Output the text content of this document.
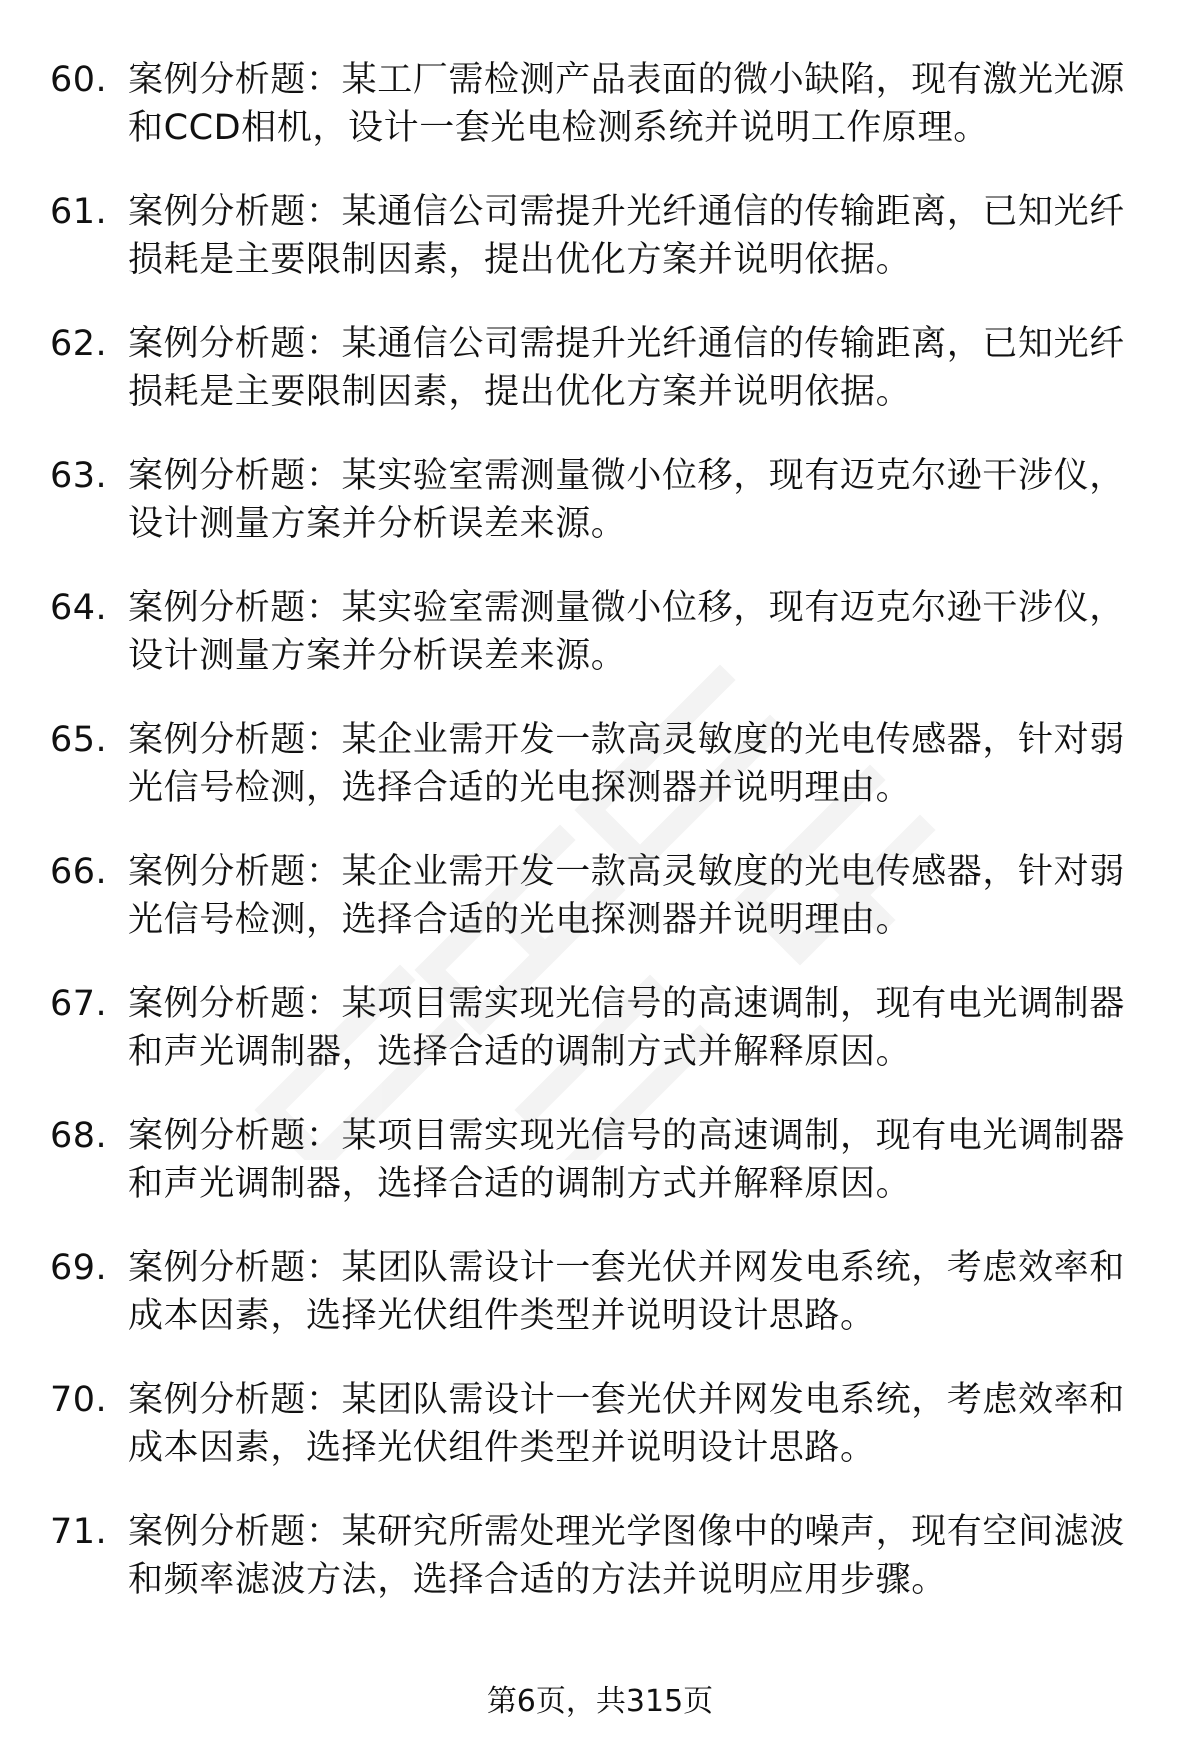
60. 案例分析题：某工厂需检测产品表面的微小缺陷，现有激光光源和CCD相机，设计一套光电检测系统并说明工作原理。
61. 案例分析题：某通信公司需提升光纤通信的传输距离，已知光纤损耗是主要限制因素，提出优化方案并说明依据。
62. 案例分析题：某通信公司需提升光纤通信的传输距离，已知光纤损耗是主要限制因素，提出优化方案并说明依据。
63. 案例分析题：某实验室需测量微小位移，现有迈克尔逊干涉仪，设计测量方案并分析误差来源。
64. 案例分析题：某实验室需测量微小位移，现有迈克尔逊干涉仪，设计测量方案并分析误差来源。
65. 案例分析题：某企业需开发一款高灵敏度的光电传感器，针对弱光信号检测，选择合适的光电探测器并说明理由。
66. 案例分析题：某企业需开发一款高灵敏度的光电传感器，针对弱光信号检测，选择合适的光电探测器并说明理由。
67. 案例分析题：某项目需实现光信号的高速调制，现有电光调制器和声光调制器，选择合适的调制方式并解释原因。
68. 案例分析题：某项目需实现光信号的高速调制，现有电光调制器和声光调制器，选择合适的调制方式并解释原因。
69. 案例分析题：某团队需设计一套光伏并网发电系统，考虑效率和成本因素，选择光伏组件类型并说明设计思路。
70. 案例分析题：某团队需设计一套光伏并网发电系统，考虑效率和成本因素，选择光伏组件类型并说明设计思路。
71. 案例分析题：某研究所需处理光学图像中的噪声，现有空间滤波和频率滤波方法，选择合适的方法并说明应用步骤。
第6页，共315页
